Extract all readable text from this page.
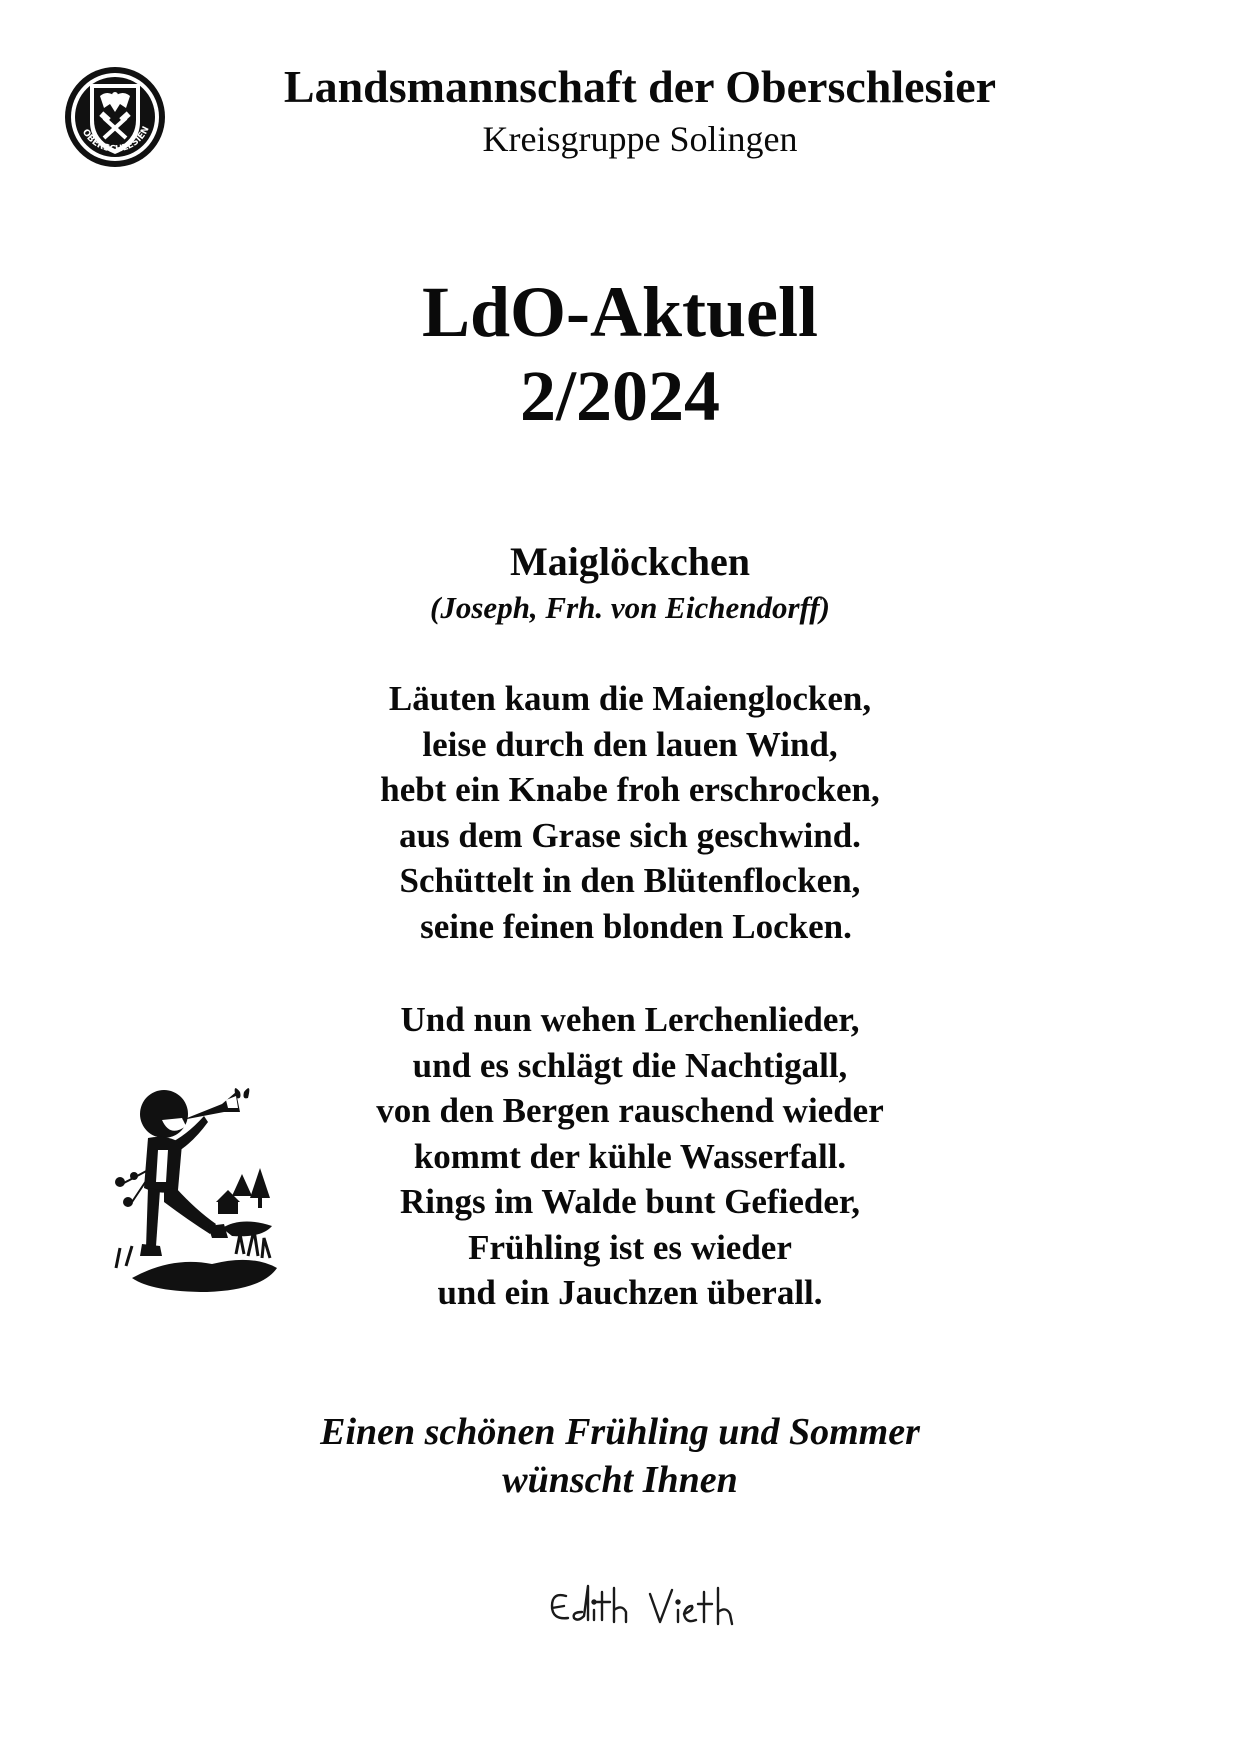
OBERSCHLESIEN
Landsmannschaft der Oberschlesier
Kreisgruppe Solingen
LdO-Aktuell
2/2024
Maiglöckchen
(Joseph, Frh. von Eichendorff)
Läuten kaum die Maienglocken,
leise durch den lauen Wind,
hebt ein Knabe froh erschrocken,
aus dem Grase sich geschwind.
Schüttelt in den Blütenflocken,
seine feinen blonden Locken.
Und nun wehen Lerchenlieder,
und es schlägt die Nachtigall,
von den Bergen rauschend wieder
kommt der kühle Wasserfall.
Rings im Walde bunt Gefieder,
Frühling ist es wieder
und ein Jauchzen überall.
Einen schönen Frühling und Sommer
wünscht Ihnen
